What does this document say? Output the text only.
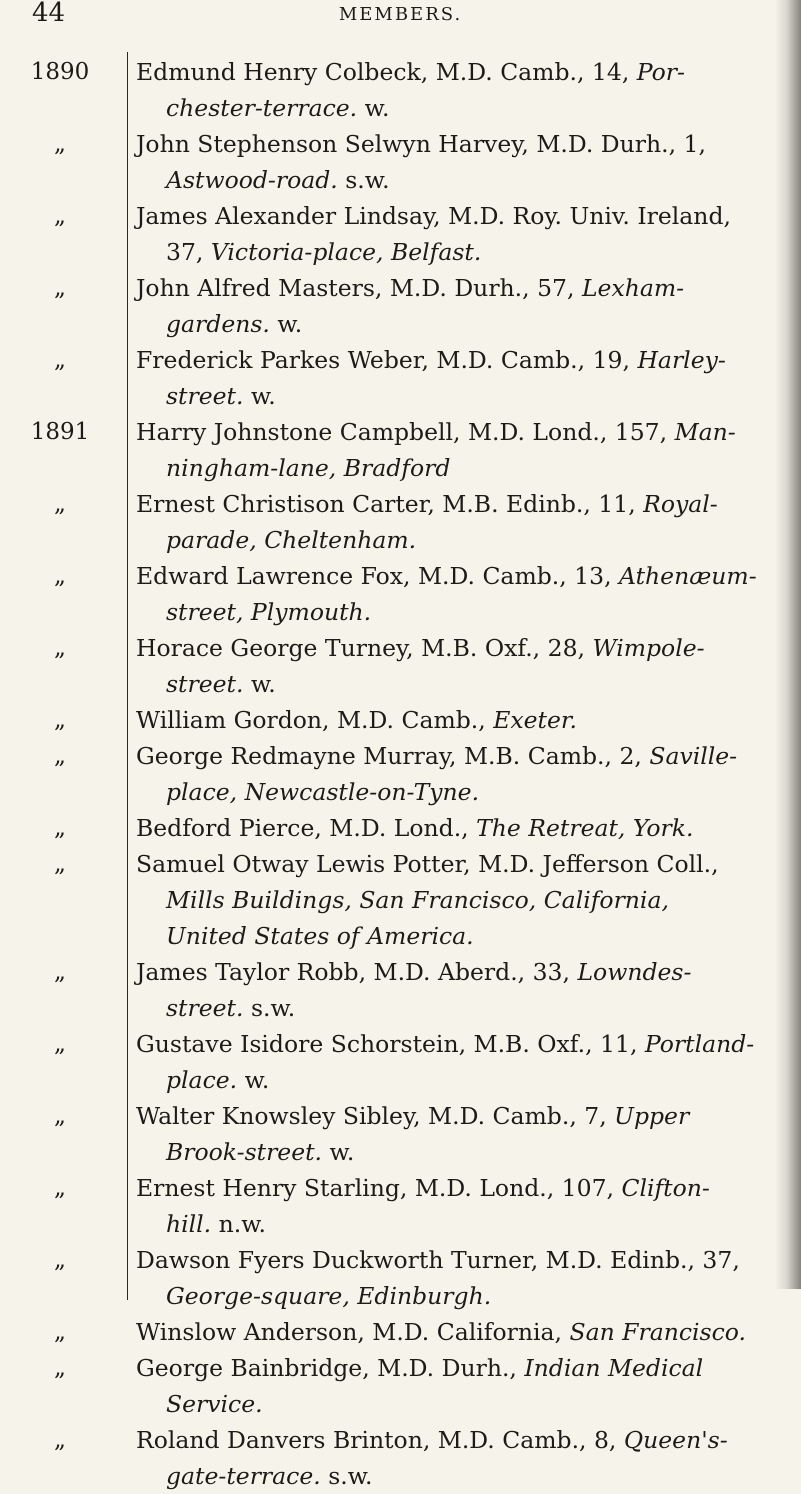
44	MEMBERS.
1890	Edmund Henry Colbeck, M.D. Camb., 14, Por-
chester-terrace. w.
„	John Stephenson Selwyn Harvey, M.D. Durh., 1,
Astwood-road. s.w.
„	James Alexander Lindsay, M.D. Roy. Univ. Ireland,
37, Victoria-place, Belfast.
„	John Alfred Masters, M.D. Durh., 57, Lexham-
gardens. w.
„	Frederick Parkes Weber, M.D. Camb., 19, Harley-
street. w.
1891	Harry Johnstone Campbell, M.D. Lond., 157, Man-
ningham-lane, Bradford
„	Ernest Christison Carter, M.B. Edinb., 11, Royal-
parade, Cheltenham.
„	Edward Lawrence Fox, M.D. Camb., 13, Athenæum-
street, Plymouth.
„	Horace George Turney, M.B. Oxf., 28, Wimpole-
street. w.
„	William Gordon, M.D. Camb., Exeter.
„	George Redmayne Murray, M.B. Camb., 2, Saville-
place, Newcastle-on-Tyne.
„	Bedford Pierce, M.D. Lond., The Retreat, York.
„	Samuel Otway Lewis Potter, M.D. Jefferson Coll.,
Mills Buildings, San Francisco, California,
United States of America.
„	James Taylor Robb, M.D. Aberd., 33, Lowndes-
street. s.w.
„	Gustave Isidore Schorstein, M.B. Oxf., 11, Portland-
place. w.
„	Walter Knowsley Sibley, M.D. Camb., 7, Upper
Brook-street. w.
„	Ernest Henry Starling, M.D. Lond., 107, Clifton-
hill. n.w.
„	Dawson Fyers Duckworth Turner, M.D. Edinb., 37,
George-square, Edinburgh.
„	Winslow Anderson, M.D. California, San Francisco.
„	George Bainbridge, M.D. Durh., Indian Medical
Service.
„	Roland Danvers Brinton, M.D. Camb., 8, Queen's-
gate-terrace. s.w.
